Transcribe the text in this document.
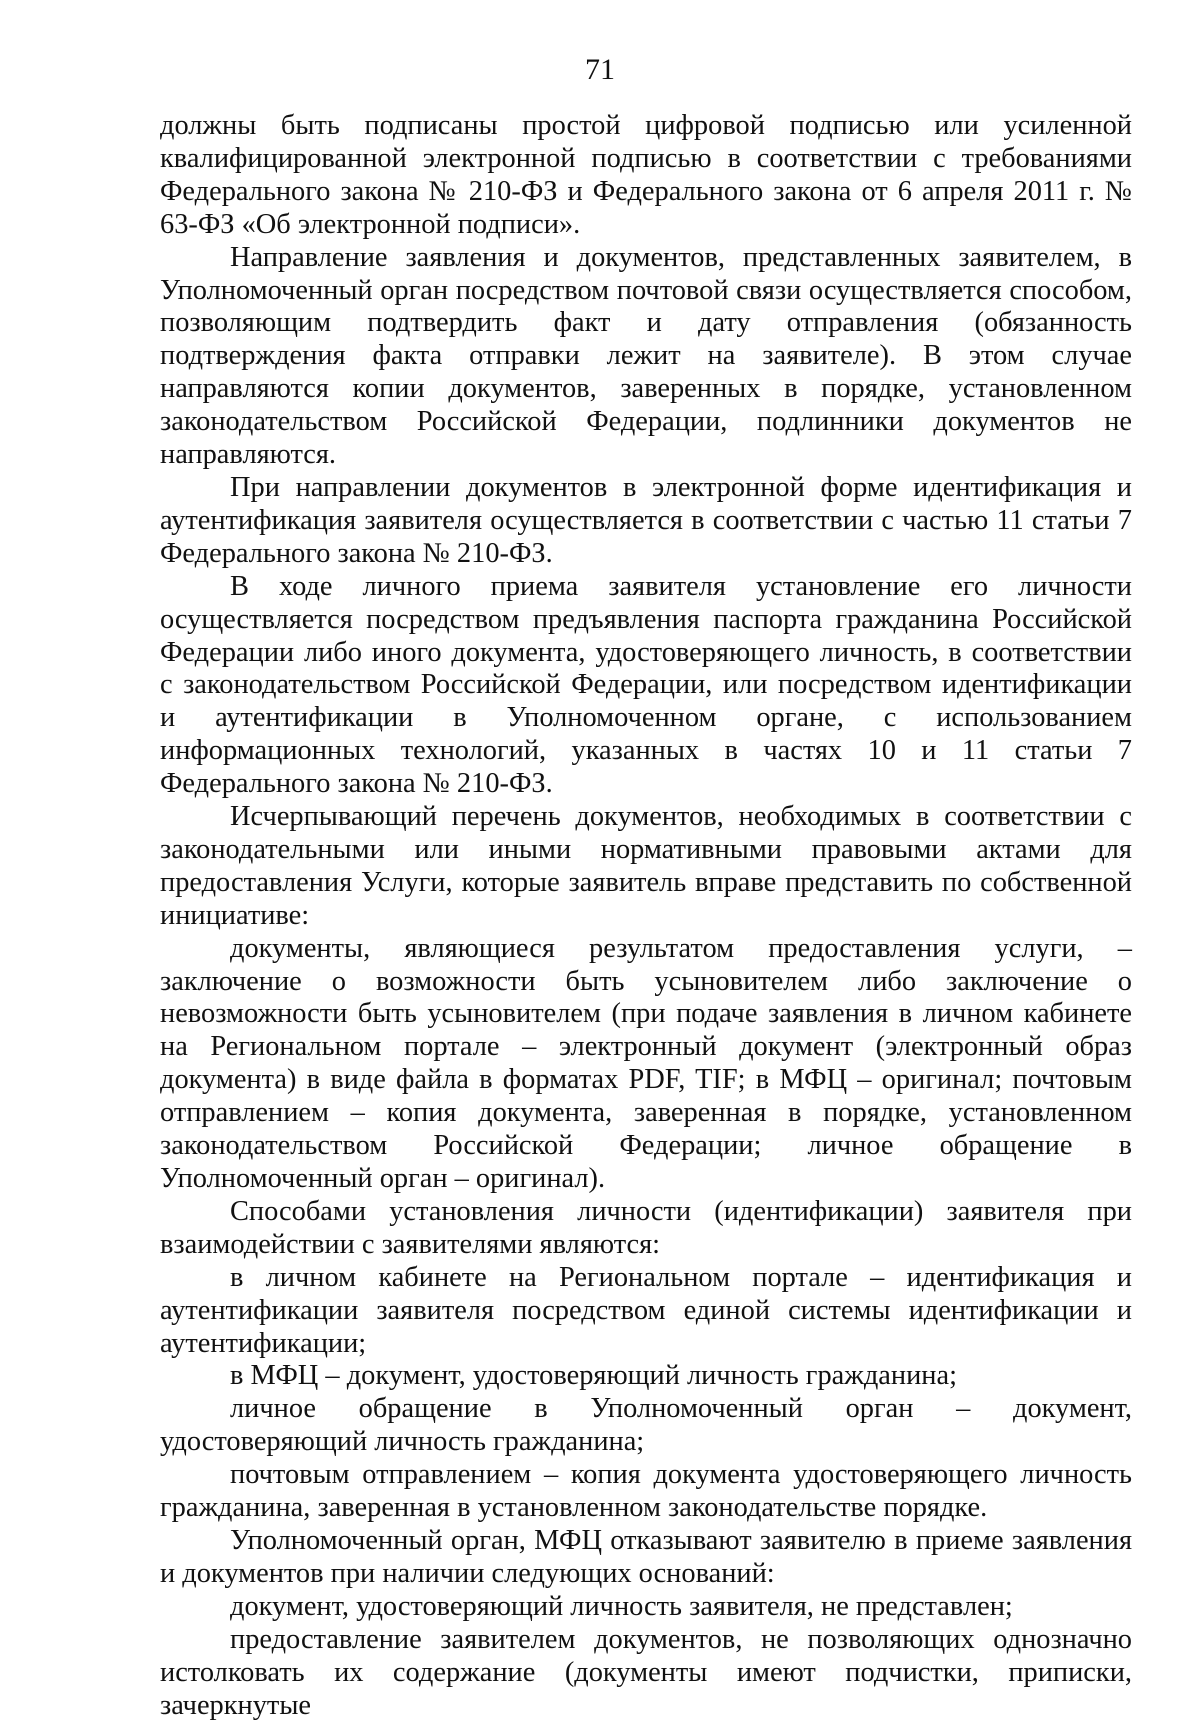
71

должны быть подписаны простой цифровой подписью или усиленной квалифицированной электронной подписью в соответствии с требованиями Федерального закона № 210-ФЗ и Федерального закона от 6 апреля 2011 г. № 63-ФЗ «Об электронной подписи».

Направление заявления и документов, представленных заявителем, в Уполномоченный орган посредством почтовой связи осуществляется способом, позволяющим подтвердить факт и дату отправления (обязанность подтверждения факта отправки лежит на заявителе). В этом случае направляются копии документов, заверенных в порядке, установленном законодательством Российской Федерации, подлинники документов не направляются.

При направлении документов в электронной форме идентификация и аутентификация заявителя осуществляется в соответствии с частью 11 статьи 7 Федерального закона № 210-ФЗ.

В ходе личного приема заявителя установление его личности осуществляется посредством предъявления паспорта гражданина Российской Федерации либо иного документа, удостоверяющего личность, в соответствии с законодательством Российской Федерации, или посредством идентификации и аутентификации в Уполномоченном органе, с использованием информационных технологий, указанных в частях 10 и 11 статьи 7 Федерального закона № 210-ФЗ.

Исчерпывающий перечень документов, необходимых в соответствии с законодательными или иными нормативными правовыми актами для предоставления Услуги, которые заявитель вправе представить по собственной инициативе:

документы, являющиеся результатом предоставления услуги, – заключение о возможности быть усыновителем либо заключение о невозможности быть усыновителем (при подаче заявления в личном кабинете на Региональном портале – электронный документ (электронный образ документа) в виде файла в форматах PDF, TIF; в МФЦ – оригинал; почтовым отправлением – копия документа, заверенная в порядке, установленном законодательством Российской Федерации; личное обращение в Уполномоченный орган – оригинал).

Способами установления личности (идентификации) заявителя при взаимодействии с заявителями являются:

в личном кабинете на Региональном портале – идентификация и аутентификации заявителя посредством единой системы идентификации и аутентификации;

в МФЦ – документ, удостоверяющий личность гражданина;

личное обращение в Уполномоченный орган – документ, удостоверяющий личность гражданина;

почтовым отправлением – копия документа удостоверяющего личность гражданина, заверенная в установленном законодательстве порядке.

Уполномоченный орган, МФЦ отказывают заявителю в приеме заявления и документов при наличии следующих оснований:

документ, удостоверяющий личность заявителя, не представлен;

предоставление заявителем документов, не позволяющих однозначно истолковать их содержание (документы имеют подчистки, приписки, зачеркнутые
